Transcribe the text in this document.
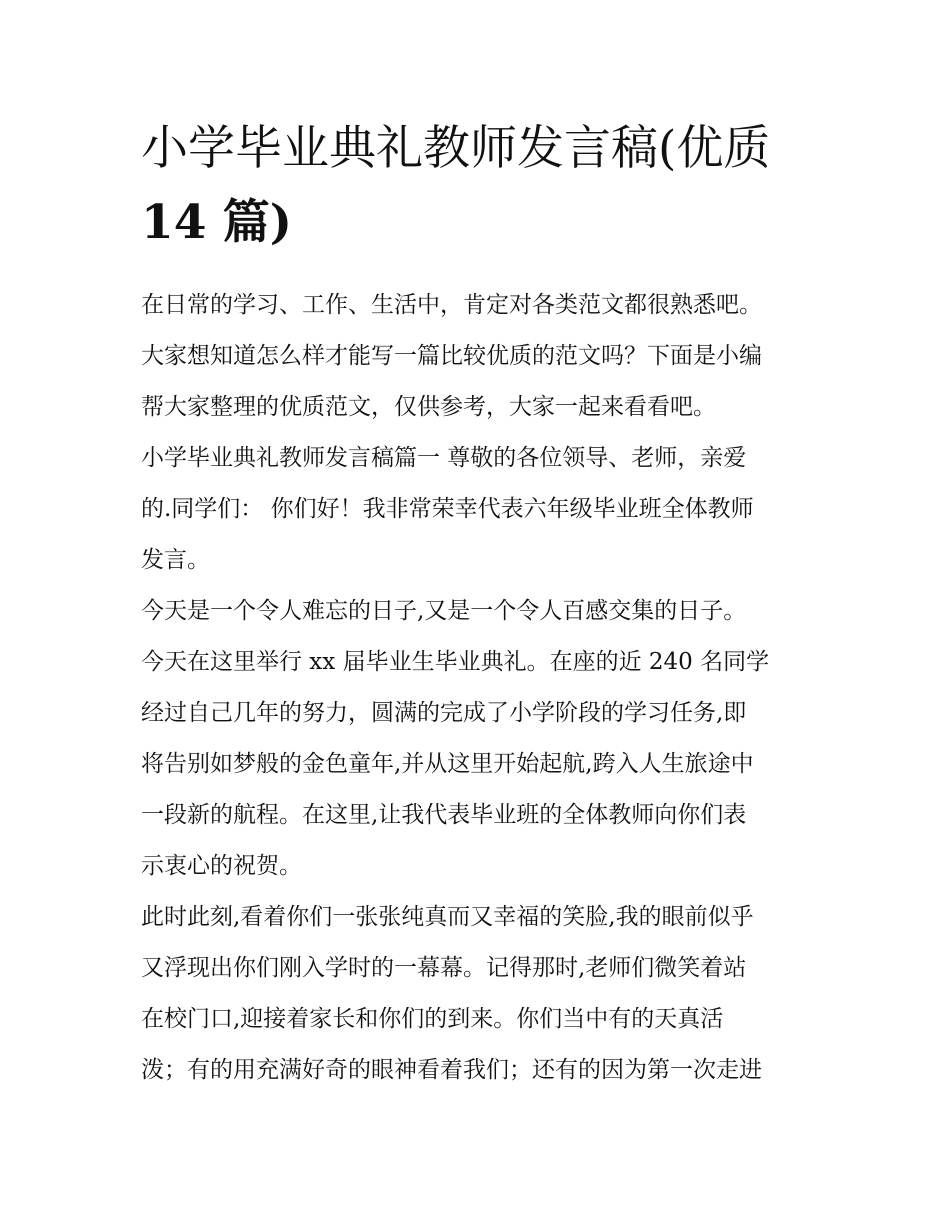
小学毕业典礼教师发言稿(优质
14 篇)

在日常的学习、工作、生活中，肯定对各类范文都很熟悉吧。
大家想知道怎么样才能写一篇比较优质的范文吗？下面是小编
帮大家整理的优质范文，仅供参考，大家一起来看看吧。

小学毕业典礼教师发言稿篇一 尊敬的各位领导、老师，亲爱
的.同学们： 你们好！我非常荣幸代表六年级毕业班全体教师
发言。

今天是一个令人难忘的日子,又是一个令人百感交集的日子。
今天在这里举行 xx 届毕业生毕业典礼。在座的近 240 名同学
经过自己几年的努力，圆满的完成了小学阶段的学习任务,即
将告别如梦般的金色童年,并从这里开始起航,跨入人生旅途中
一段新的航程。在这里,让我代表毕业班的全体教师向你们表
示衷心的祝贺。

此时此刻,看着你们一张张纯真而又幸福的笑脸,我的眼前似乎
又浮现出你们刚入学时的一幕幕。记得那时,老师们微笑着站
在校门口,迎接着家长和你们的到来。你们当中有的天真活
泼；有的用充满好奇的眼神看着我们；还有的因为第一次走进
